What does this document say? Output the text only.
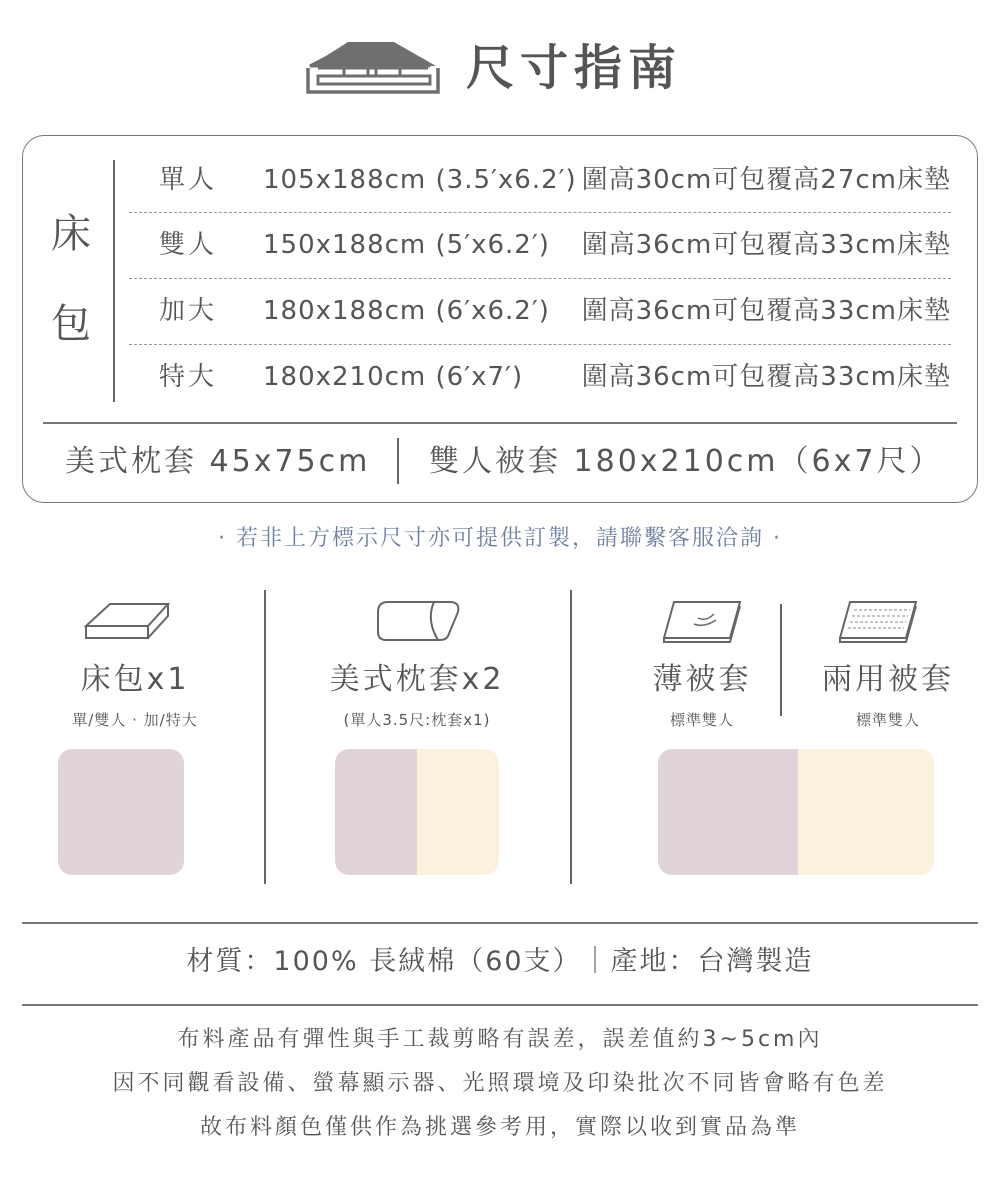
尺寸指南
床
包
單人 105x188cm (3.5′x6.2′) 圍高30cm可包覆高27cm床墊
雙人 150x188cm (5′x6.2′) 圍高36cm可包覆高33cm床墊
加大 180x188cm (6′x6.2′) 圍高36cm可包覆高33cm床墊
特大 180x210cm (6′x7′) 圍高36cm可包覆高33cm床墊
美式枕套 45x75cm 雙人被套 180x210cm（6x7尺）
· 若非上方標示尺寸亦可提供訂製，請聯繫客服洽詢 ·
床包x1
單/雙人 · 加/特大
美式枕套x2
(單人3.5尺:枕套x1)
薄被套
標準雙人
兩用被套
標準雙人
材質：100% 長絨棉（60支）｜產地：台灣製造
布料產品有彈性與手工裁剪略有誤差，誤差值約3~5cm內
因不同觀看設備、螢幕顯示器、光照環境及印染批次不同皆會略有色差
故布料顏色僅供作為挑選參考用，實際以收到實品為準
